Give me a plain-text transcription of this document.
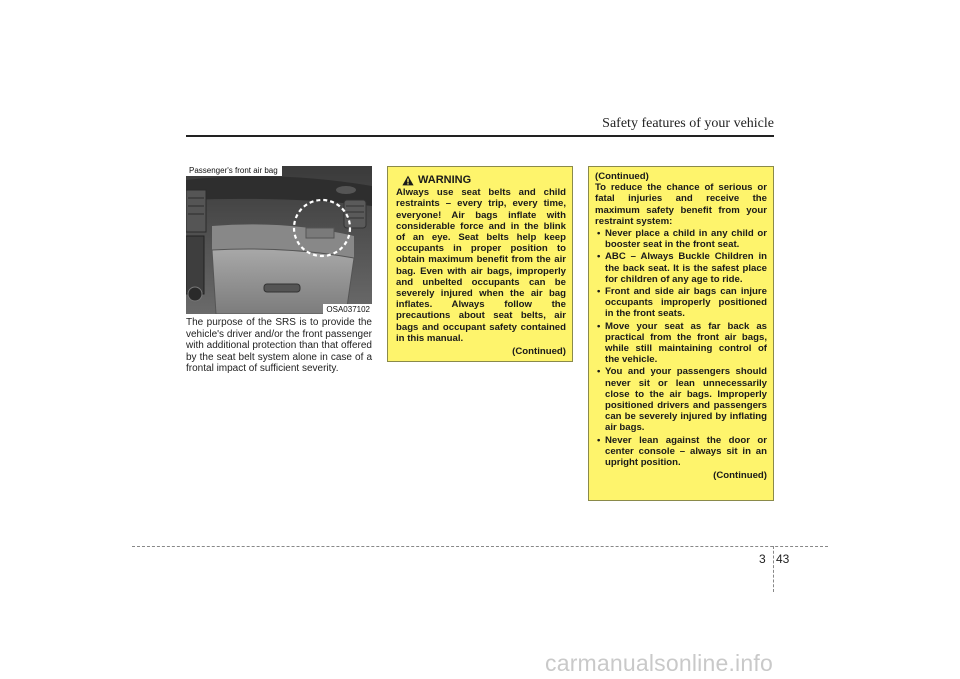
Safety features of your vehicle
Passenger's front air bag
OSA037102

The purpose of the SRS is to provide the vehicle's driver and/or the front passenger with additional protection than that offered by the seat belt system alone in case of a frontal impact of sufficient severity.

WARNING

Always use seat belts and child restraints – every trip, every time, everyone! Air bags inflate with considerable force and in the blink of an eye. Seat belts help keep occupants in proper position to obtain maximum benefit from the air bag. Even with air bags, improperly and unbelted occupants can be severely injured when the air bag inflates. Always follow the precautions about seat belts, air bags and occupant safety contained in this manual.

(Continued)

(Continued)

To reduce the chance of serious or fatal injuries and receive the maximum safety benefit from your restraint system:

• Never place a child in any child or booster seat in the front seat.
• ABC – Always Buckle Children in the back seat. It is the safest place for children of any age to ride.
• Front and side air bags can injure occupants improperly positioned in the front seats.
• Move your seat as far back as practical from the front air bags, while still maintaining control of the vehicle.
• You and your passengers should never sit or lean unnecessarily close to the air bags. Improperly positioned drivers and passengers can be severely injured by inflating air bags.
• Never lean against the door or center console – always sit in an upright position.

(Continued)

3 43
carmanualsonline.info
